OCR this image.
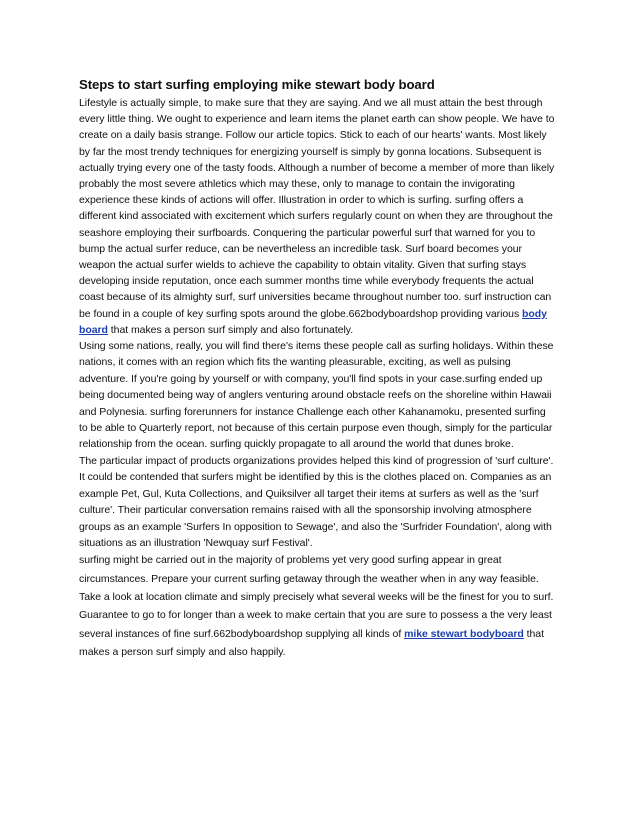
Steps to start surfing employing mike stewart body board

Lifestyle is actually simple, to make sure that they are saying. And we all must attain the best through every little thing. We ought to experience and learn items the planet earth can show people. We have to create on a daily basis strange. Follow our article topics. Stick to each of our hearts' wants. Most likely by far the most trendy techniques for energizing yourself is simply by gonna locations. Subsequent is actually trying every one of the tasty foods. Although a number of become a member of more than likely probably the most severe athletics which may these, only to manage to contain the invigorating experience these kinds of actions will offer. Illustration in order to which is surfing. surfing offers a different kind associated with excitement which surfers regularly count on when they are throughout the seashore employing their surfboards. Conquering the particular powerful surf that warned for you to bump the actual surfer reduce, can be nevertheless an incredible task. Surf board becomes your weapon the actual surfer wields to achieve the capability to obtain vitality. Given that surfing stays developing inside reputation, once each summer months time while everybody frequents the actual coast because of its almighty surf, surf universities became throughout number too. surf instruction can be found in a couple of key surfing spots around the globe.662bodyboardshop providing various body board that makes a person surf simply and also fortunately.

Using some nations, really, you will find there's items these people call as surfing holidays. Within these nations, it comes with an region which fits the wanting pleasurable, exciting, as well as pulsing adventure. If you're going by yourself or with company, you'll find spots in your case.surfing ended up being documented being way of anglers venturing around obstacle reefs on the shoreline within Hawaii and Polynesia. surfing forerunners for instance Challenge each other Kahanamoku, presented surfing to be able to Quarterly report, not because of this certain purpose even though, simply for the particular relationship from the ocean. surfing quickly propagate to all around the world that dunes broke.

The particular impact of products organizations provides helped this kind of progression of 'surf culture'. It could be contended that surfers might be identified by this is the clothes placed on. Companies as an example Pet, Gul, Kuta Collections, and Quiksilver all target their items at surfers as well as the 'surf culture'. Their particular conversation remains raised with all the sponsorship involving atmosphere groups as an example 'Surfers In opposition to Sewage', and also the 'Surfrider Foundation', along with situations as an illustration 'Newquay surf Festival'.

surfing might be carried out in the majority of problems yet very good surfing appear in great circumstances. Prepare your current surfing getaway through the weather when in any way feasible. Take a look at location climate and simply precisely what several weeks will be the finest for you to surf. Guarantee to go to for longer than a week to make certain that you are sure to possess a the very least several instances of fine surf.662bodyboardshop supplying all kinds of mike stewart bodyboard that makes a person surf simply and also happily.
